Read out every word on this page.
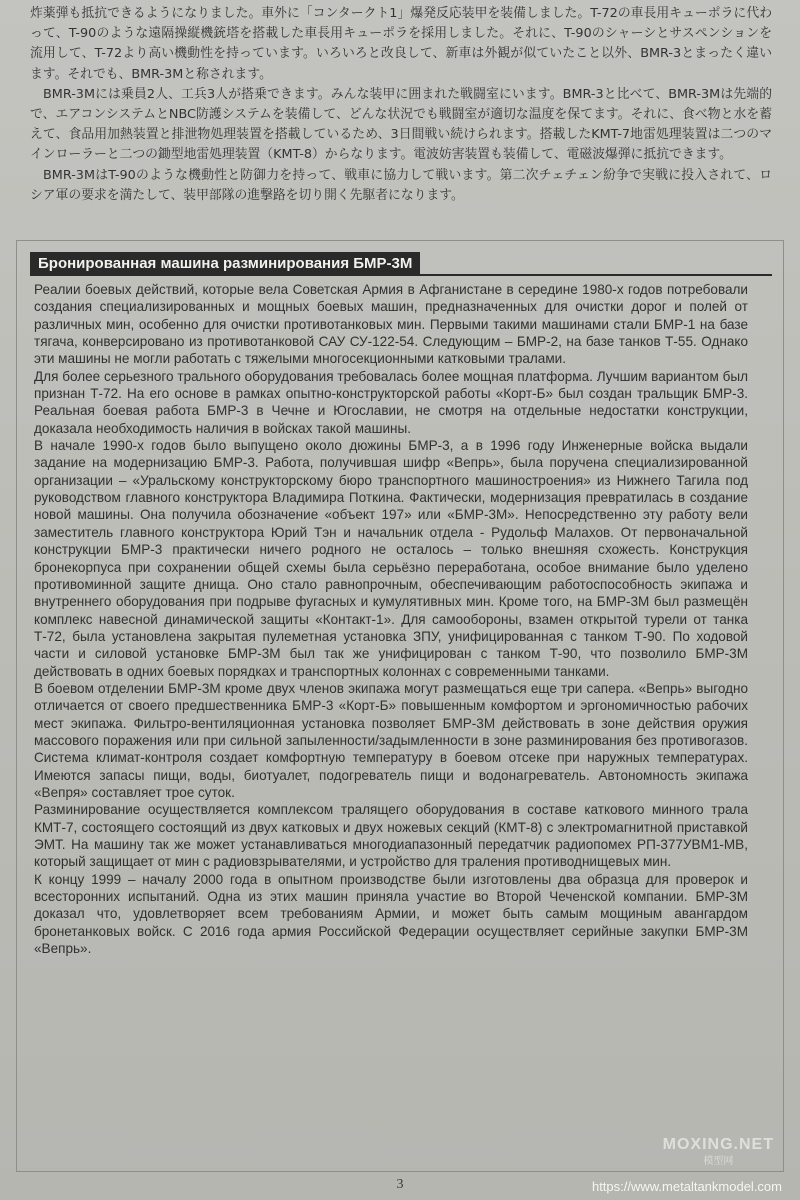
炸薬弾も抵抗できるようになりました。車外に「コンタークト1」爆発反応装甲を装備しました。T-72の車長用キューポラに代わって、T-90のような遠隔操縦機銃塔を搭載した車長用キューポラを採用しました。それに、T-90のシャーシとサスペンションを流用して、T-72より高い機動性を持っています。いろいろと改良して、新車は外観が似ていたこと以外、BMR-3とまったく違います。それでも、BMR-3Mと称されます。

BMR-3Mには乗員2人、工兵3人が搭乗できます。みんな装甲に囲まれた戦闘室にいます。BMR-3と比べて、BMR-3Mは先端的で、エアコンシステムとNBC防護システムを装備して、どんな状況でも戦闘室が適切な温度を保てます。それに、食べ物と水を蓄えて、食品用加熱装置と排泄物処理装置を搭載しているため、3日間戦い続けられます。搭載したKMT-7地雷処理装置は二つのマインローラーと二つの鋤型地雷処理装置（KMT-8）からなります。電波妨害装置も装備して、電磁波爆弾に抵抗できます。

BMR-3MはT-90のような機動性と防御力を持って、戦車に協力して戦います。第二次チェチェン紛争で実戦に投入されて、ロシア軍の要求を満たして、装甲部隊の進撃路を切り開く先駆者になります。

Бронированная машина разминирования БМР-3М

Реалии боевых действий, которые вела Советская Армия в Афганистане в середине 1980-х годов потребовали создания специализированных и мощных боевых машин, предназначенных для очистки дорог и полей от различных мин, особенно для очистки противотанковых мин. Первыми такими машинами стали БМР-1 на базе тягача, конверсировано из противотанковой САУ СУ-122-54. Следующим – БМР-2, на базе танков Т-55. Однако эти машины не могли работать с тяжелыми многосекционными катковыми тралами.

Для более серьезного трального оборудования требовалась более мощная платформа. Лучшим вариантом был признан Т-72. На его основе в рамках опытно-конструкторской работы «Корт-Б» был создан тральщик БМР-3. Реальная боевая работа БМР-3 в Чечне и Югославии, не смотря на отдельные недостатки конструкции, доказала необходимость наличия в войсках такой машины.

В начале 1990-х годов было выпущено около дюжины БМР-3, а в 1996 году Инженерные войска выдали задание на модернизацию БМР-3. Работа, получившая шифр «Вепрь», была поручена специализированной организации – «Уральскому конструкторскому бюро транспортного машиностроения» из Нижнего Тагила под руководством главного конструктора Владимира Поткина. Фактически, модернизация превратилась в создание новой машины. Она получила обозначение «объект 197» или «БМР-3М». Непосредственно эту работу вели заместитель главного конструктора Юрий Тэн и начальник отдела - Рудольф Малахов. От первоначальной конструкции БМР-3 практически ничего родного не осталось – только внешняя схожесть. Конструкция бронекорпуса при сохранении общей схемы была серьёзно переработана, особое внимание было уделено противоминной защите днища. Оно стало равнопрочным, обеспечивающим работоспособность экипажа и внутреннего оборудования при подрыве фугасных и кумулятивных мин. Кроме того, на БМР-3М был размещён комплекс навесной динамической защиты «Контакт-1». Для самообороны, взамен открытой турели от танка Т-72, была установлена закрытая пулеметная установка ЗПУ, унифицированная с танком Т-90. По ходовой части и силовой установке БМР-3М был так же унифицирован с танком Т-90, что позволило БМР-3М действовать в одних боевых порядках и транспортных колоннах с современными танками.

В боевом отделении БМР-3М кроме двух членов экипажа могут размещаться еще три сапера. «Вепрь» выгодно отличается от своего предшественника БМР-3 «Корт-Б» повышенным комфортом и эргономичностью рабочих мест экипажа. Фильтро-вентиляционная установка позволяет БМР-3М действовать в зоне действия оружия массового поражения или при сильной запыленности/задымленности в зоне разминирования без противогазов. Система климат-контроля создает комфортную температуру в боевом отсеке при наружных температурах. Имеются запасы пищи, воды, биотуалет, подогреватель пищи и водонагреватель. Автономность экипажа «Вепря» составляет трое суток.

Разминирование осуществляется комплексом тралящего оборудования в составе каткового минного трала КМТ-7, состоящего состоящий из двух катковых и двух ножевых секций (КМТ-8) с электромагнитной приставкой ЭМТ. На машину так же может устанавливаться многодиапазонный передатчик радиопомех РП-377УВМ1-МВ, который защищает от мин с радиовзрывателями, и устройство для траления противоднищевых мин.

К концу 1999 – началу 2000 года в опытном производстве были изготовлены два образца для проверок и всесторонних испытаний. Одна из этих машин приняла участие во Второй Чеченской компании. БМР-3М доказал что, удовлетворяет всем требованиям Армии, и может быть самым мощиным авангардом бронетанковых войск. С 2016 года армия Российской Федерации осуществляет серийные закупки БМР-3М «Вепрь».

MOXING.NET
模型网
3	https://www.metaltankmodel.com
